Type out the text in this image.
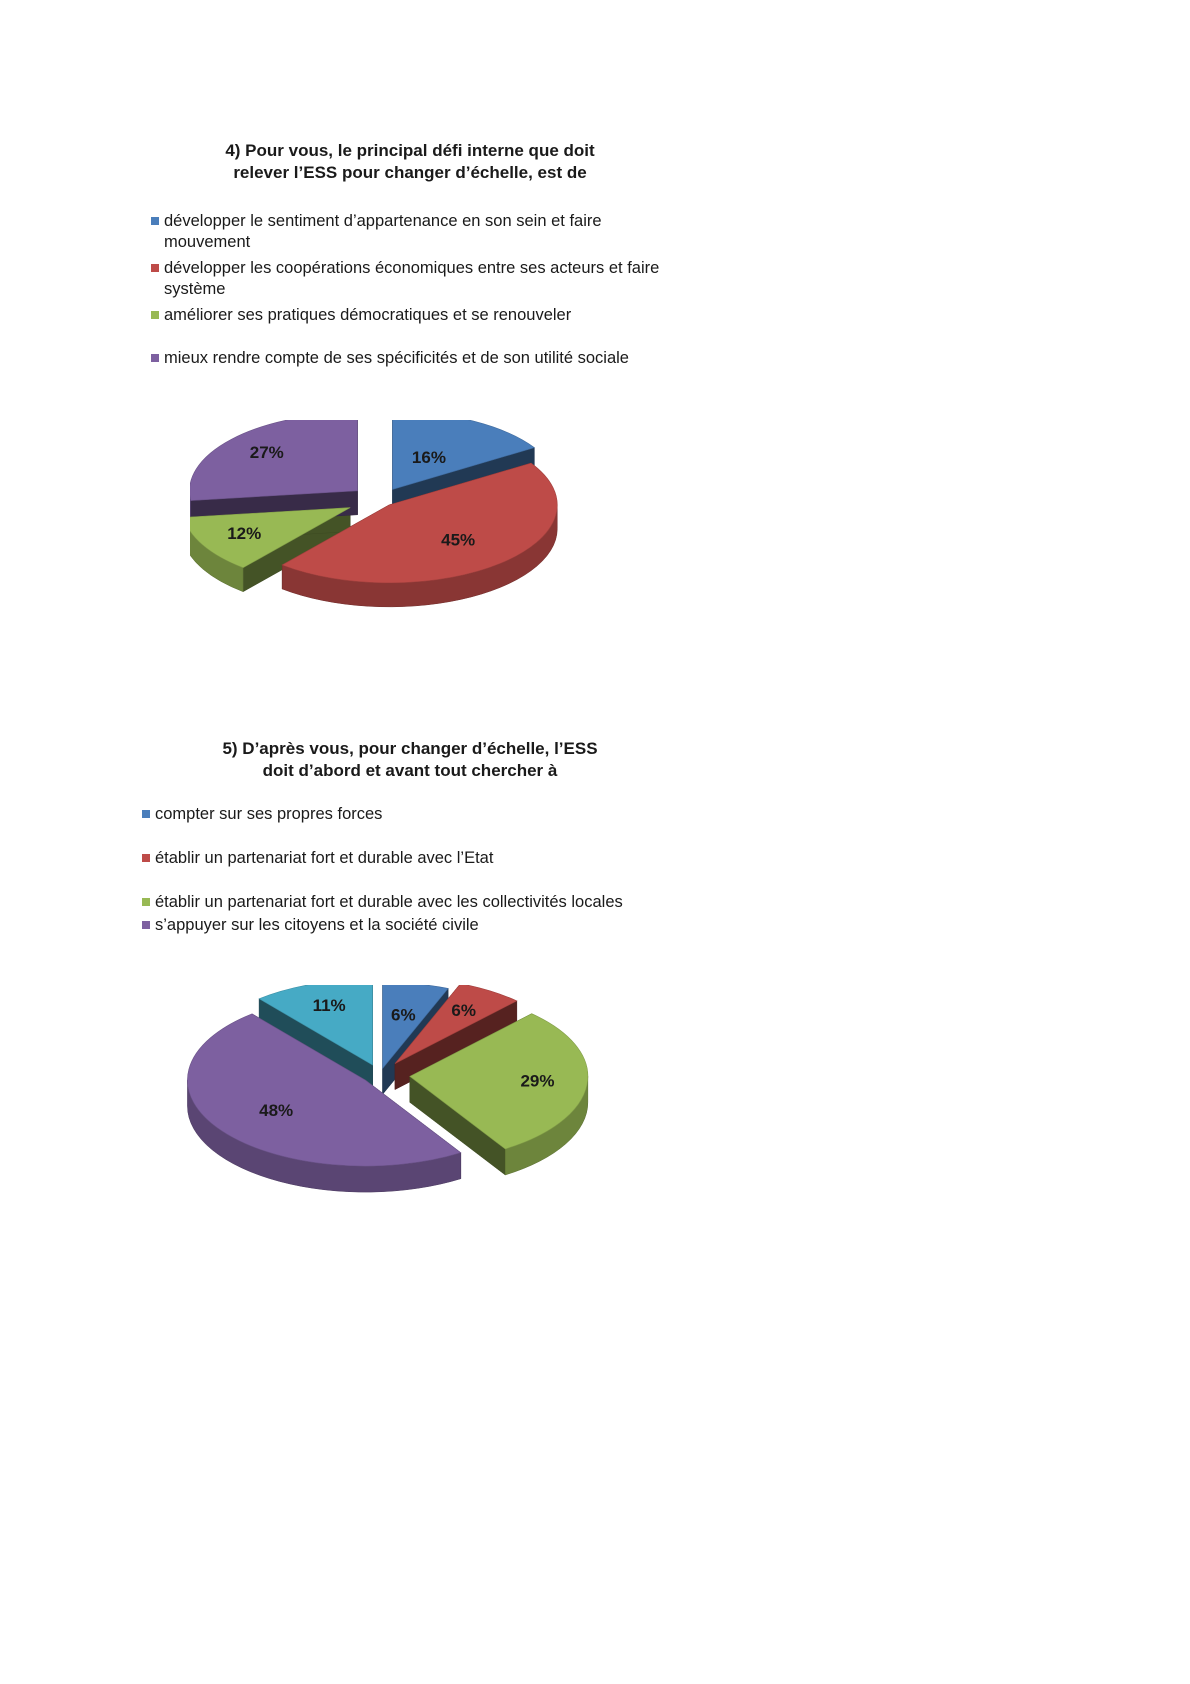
4) Pour vous, le principal défi interne que doit
relever l’ESS pour changer d’échelle, est de
développer le sentiment d’appartenance en son sein et faire mouvement
développer les coopérations économiques entre ses acteurs et faire système
améliorer ses pratiques démocratiques et se renouveler
mieux rendre compte de ses spécificités et de son utilité sociale
16%
45%
12%
27%
5) D’après vous, pour changer d’échelle, l’ESS
doit d’abord et avant tout chercher à
compter sur ses propres forces
établir un partenariat fort et durable avec l’Etat
établir un partenariat fort et durable avec les collectivités locales
s’appuyer sur les citoyens et la société civile
6% 6%
29%
48%
11%
